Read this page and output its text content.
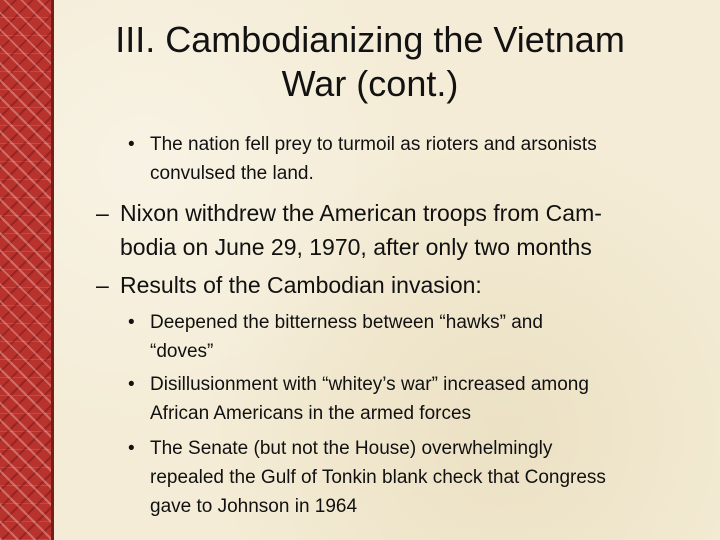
III. Cambodianizing the Vietnam
War (cont.)
• The nation fell prey to turmoil as rioters and arsonists
convulsed the land.
– Nixon withdrew the American troops from Cam-
bodia on June 29, 1970, after only two months
– Results of the Cambodian invasion:
• Deepened the bitterness between “hawks” and
“doves”
• Disillusionment with “whitey’s war” increased among
African Americans in the armed forces
• The Senate (but not the House) overwhelmingly
repealed the Gulf of Tonkin blank check that Congress
gave to Johnson in 1964
